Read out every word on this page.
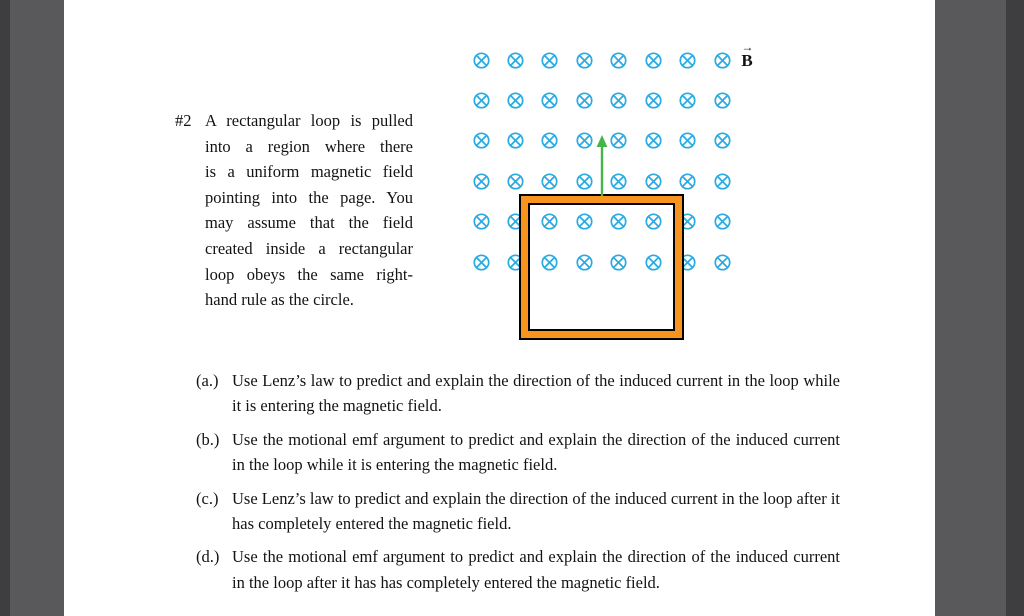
→
B
#2 A rectangular loop is pulled
into a region where there
is a uniform magnetic field
pointing into the page. You
may assume that the field
created inside a rectangular
loop obeys the same right-
hand rule as the circle.
(a.) Use Lenz’s law to predict and explain the direction of the induced current in the loop while it is entering the magnetic field.
(b.) Use the motional emf argument to predict and explain the direction of the induced current in the loop while it is entering the magnetic field.
(c.) Use Lenz’s law to predict and explain the direction of the induced current in the loop after it has completely entered the magnetic field.
(d.) Use the motional emf argument to predict and explain the direction of the induced current in the loop after it has has completely entered the magnetic field.
